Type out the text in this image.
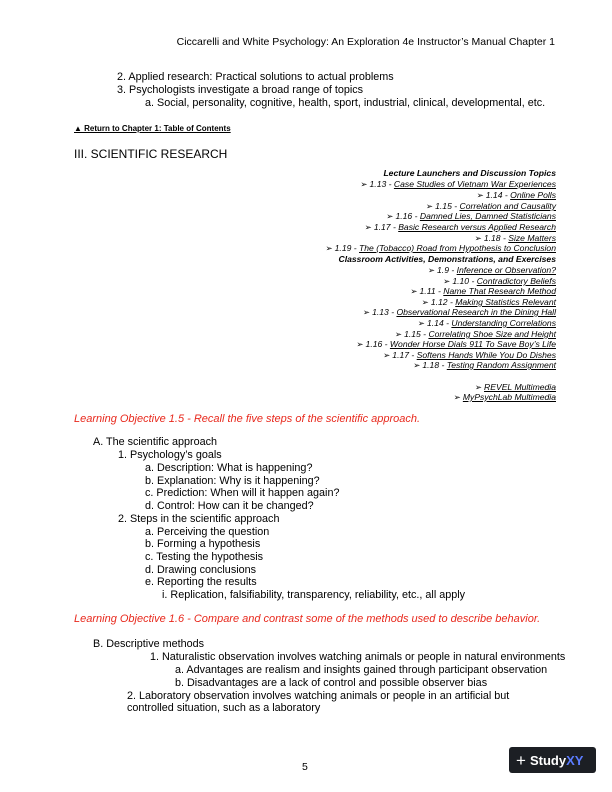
Ciccarelli and White Psychology: An Exploration 4e Instructor’s Manual Chapter 1
2. Applied research: Practical solutions to actual problems
3. Psychologists investigate a broad range of topics
a. Social, personality, cognitive, health, sport, industrial, clinical, developmental, etc.
▲ Return to Chapter 1: Table of Contents
III. SCIENTIFIC RESEARCH
Lecture Launchers and Discussion Topics
➢ 1.13 - Case Studies of Vietnam War Experiences
➢ 1.14 - Online Polls
➢ 1.15 - Correlation and Causality
➢ 1.16 - Damned Lies, Damned Statisticians
➢ 1.17 - Basic Research versus Applied Research
➢ 1.18 - Size Matters
➢ 1.19 - The (Tobacco) Road from Hypothesis to Conclusion
Classroom Activities, Demonstrations, and Exercises
➢ 1.9 - Inference or Observation?
➢ 1.10 - Contradictory Beliefs
➢ 1.11 - Name That Research Method
➢ 1.12 - Making Statistics Relevant
➢ 1.13 - Observational Research in the Dining Hall
➢ 1.14 - Understanding Correlations
➢ 1.15 - Correlating Shoe Size and Height
➢ 1.16 - Wonder Horse Dials 911 To Save Boy’s Life
➢ 1.17 - Softens Hands While You Do Dishes
➢ 1.18 - Testing Random Assignment
➢ REVEL Multimedia
➢ MyPsychLab Multimedia
Learning Objective 1.5 - Recall the five steps of the scientific approach.
A. The scientific approach
1. Psychology’s goals
a. Description: What is happening?
b. Explanation: Why is it happening?
c. Prediction: When will it happen again?
d. Control: How can it be changed?
2. Steps in the scientific approach
a. Perceiving the question
b. Forming a hypothesis
c. Testing the hypothesis
d. Drawing conclusions
e. Reporting the results
i. Replication, falsifiability, transparency, reliability, etc., all apply
Learning Objective 1.6 - Compare and contrast some of the methods used to describe behavior.
B. Descriptive methods
1. Naturalistic observation involves watching animals or people in natural environments
a. Advantages are realism and insights gained through participant observation
b. Disadvantages are a lack of control and possible observer bias
2. Laboratory observation involves watching animals or people in an artificial but
controlled situation, such as a laboratory
5	+ Study XY
